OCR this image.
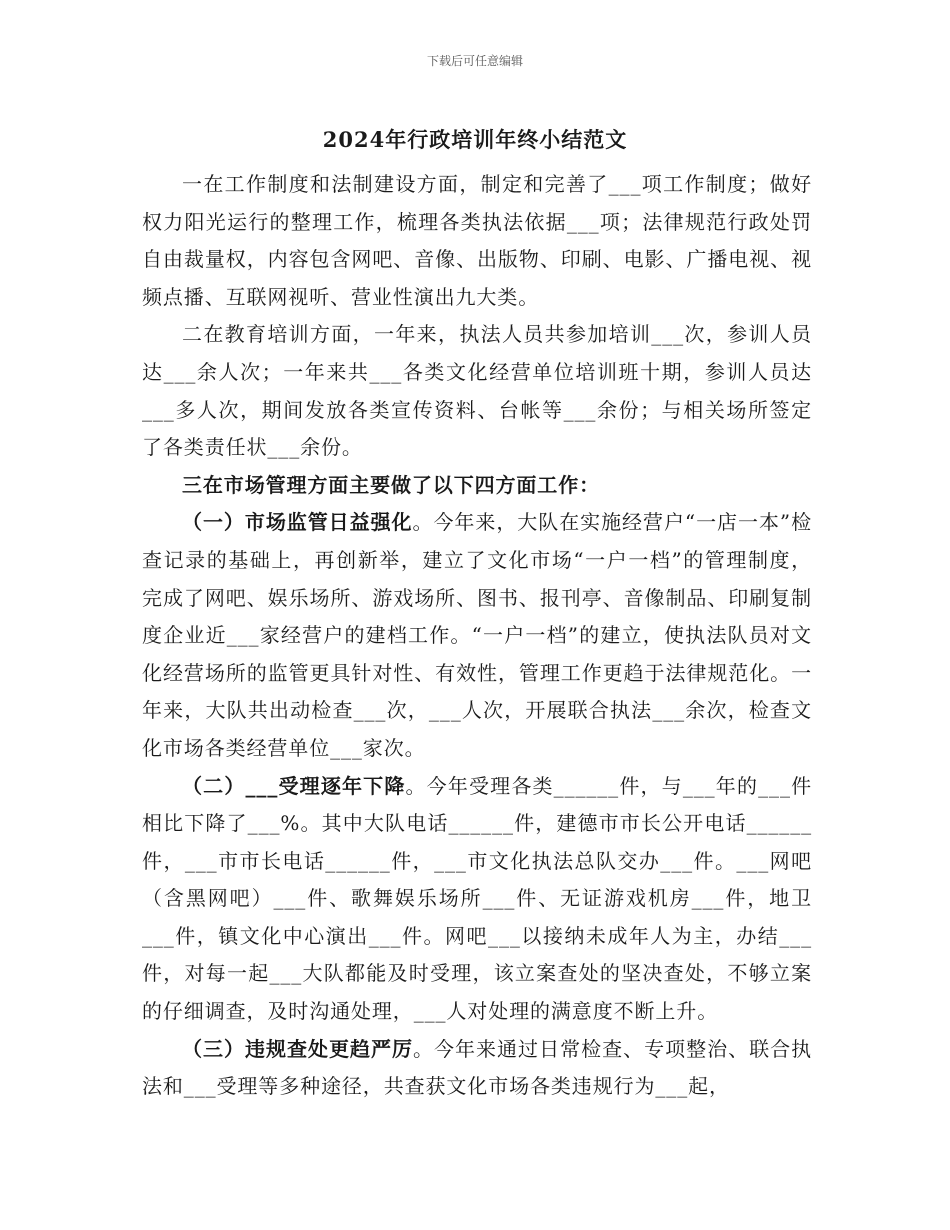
下载后可任意编辑
2024年行政培训年终小结范文

一在工作制度和法制建设方面，制定和完善了___项工作制度；做好权力阳光运行的整理工作，梳理各类执法依据___项；法律规范行政处罚自由裁量权，内容包含网吧、音像、出版物、印刷、电影、广播电视、视频点播、互联网视听、营业性演出九大类。

二在教育培训方面，一年来，执法人员共参加培训___次，参训人员达___余人次；一年来共___各类文化经营单位培训班十期，参训人员达___多人次，期间发放各类宣传资料、台帐等___余份；与相关场所签定了各类责任状___余份。

三在市场管理方面主要做了以下四方面工作：

（一）市场监管日益强化。今年来，大队在实施经营户“一店一本”检查记录的基础上，再创新举，建立了文化市场“一户一档”的管理制度，完成了网吧、娱乐场所、游戏场所、图书、报刊亭、音像制品、印刷复制度企业近___家经营户的建档工作。“一户一档”的建立，使执法队员对文化经营场所的监管更具针对性、有效性，管理工作更趋于法律规范化。一年来，大队共出动检查___次，___人次，开展联合执法___余次，检查文化市场各类经营单位___家次。

（二）___受理逐年下降。今年受理各类______件，与___年的___件相比下降了___%。其中大队电话______件，建德市市长公开电话______件，___市市长电话______件，___市文化执法总队交办___件。___网吧（含黑网吧）___件、歌舞娱乐场所___件、无证游戏机房___件，地卫___件，镇文化中心演出___件。网吧___以接纳未成年人为主，办结___件，对每一起___大队都能及时受理，该立案查处的坚决查处，不够立案的仔细调查，及时沟通处理，___人对处理的满意度不断上升。

（三）违规查处更趋严厉。今年来通过日常检查、专项整治、联合执法和___受理等多种途径，共查获文化市场各类违规行为___起，
